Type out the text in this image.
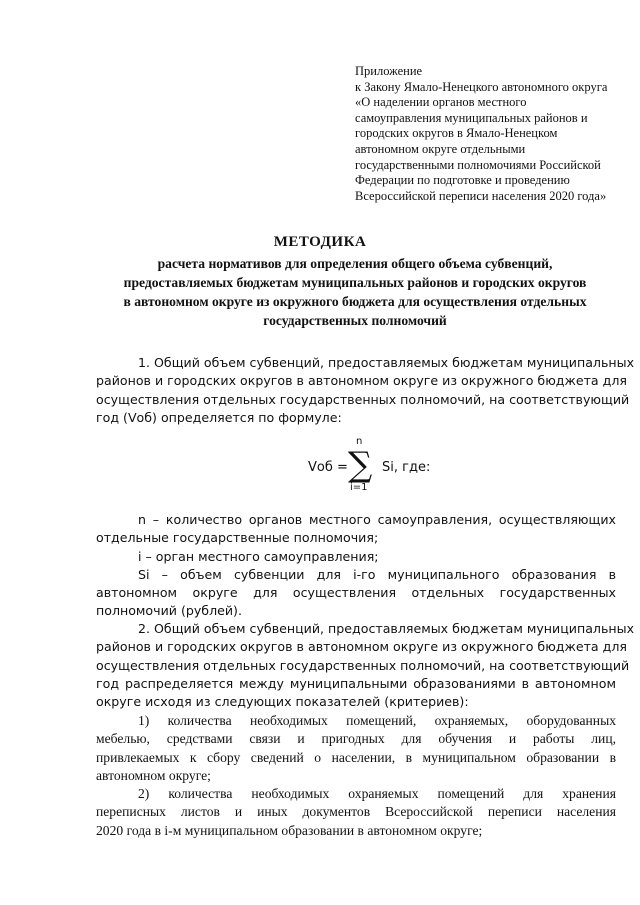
Приложение
к Закону Ямало-Ненецкого автономного округа
«О наделении органов местного
самоуправления муниципальных районов и
городских округов в Ямало-Ненецком
автономном округе отдельными
государственными полномочиями Российской
Федерации по подготовке и проведению
Всероссийской переписи населения 2020 года»
МЕТОДИКА
расчета нормативов для определения общего объема субвенций,
предоставляемых бюджетам муниципальных районов и городских округов
в автономном округе из окружного бюджета для осуществления отдельных
государственных полномочий
1. Общий объем субвенций, предоставляемых бюджетам муниципальных
районов и городских округов в автономном округе из окружного бюджета для
осуществления отдельных государственных полномочий, на соответствующий
год (Vоб) определяется по формуле:
Vоб =
n
∑
i=1
Si, где:
n – количество органов местного самоуправления, осуществляющих
отдельные государственные полномочия;
i – орган местного самоуправления;
Si – объем субвенции для i-го муниципального образования в
автономном округе для осуществления отдельных государственных
полномочий (рублей).
2. Общий объем субвенций, предоставляемых бюджетам муниципальных
районов и городских округов в автономном округе из окружного бюджета для
осуществления отдельных государственных полномочий, на соответствующий
год распределяется между муниципальными образованиями в автономном
округе исходя из следующих показателей (критериев):
1) количества необходимых помещений, охраняемых, оборудованных
мебелью, средствами связи и пригодных для обучения и работы лиц,
привлекаемых к сбору сведений о населении, в муниципальном образовании в
автономном округе;
2) количества необходимых охраняемых помещений для хранения
переписных листов и иных документов Всероссийской переписи населения
2020 года в i-м муниципальном образовании в автономном округе;
